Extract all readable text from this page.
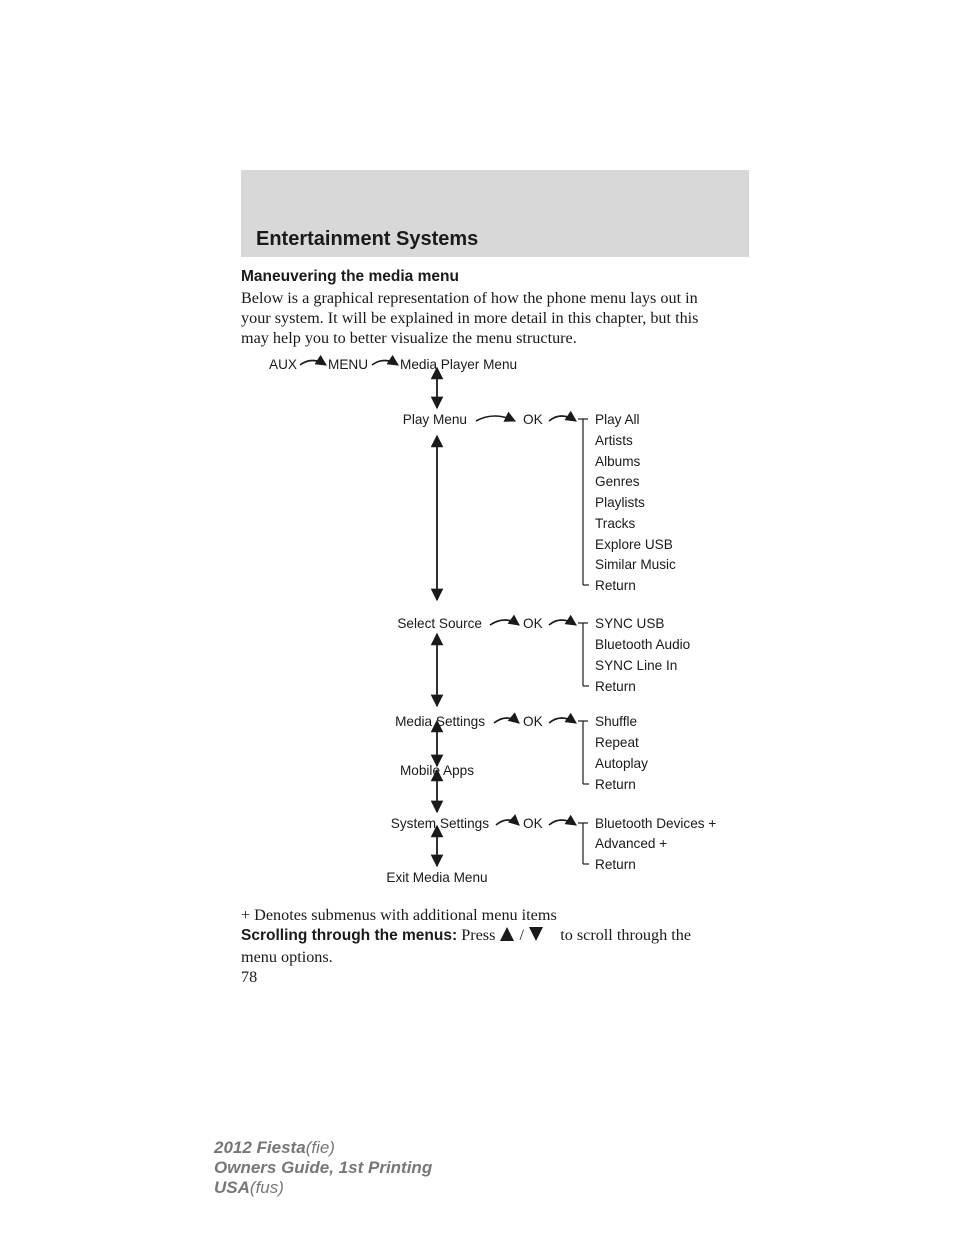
Entertainment Systems
Maneuvering the media menu
Below is a graphical representation of how the phone menu lays out in
your system. It will be explained in more detail in this chapter, but this
may help you to better visualize the menu structure.
AUX MENU Media Player Menu
Play Menu
Select Source
Media Settings
Mobile Apps
System Settings
Exit Media Menu
OK
OK
OK
OK
Play All
Artists
Albums
Genres
Playlists
Tracks
Explore USB
Similar Music
Return
SYNC USB
Bluetooth Audio
SYNC Line In
Return
Shuffle
Repeat
Autoplay
Return
Bluetooth Devices +
Advanced +
Return
+ Denotes submenus with additional menu items
Scrolling through the menus: Press / to scroll through the
menu options.
78
2012 Fiesta(fie)
Owners Guide, 1st Printing
USA(fus)
